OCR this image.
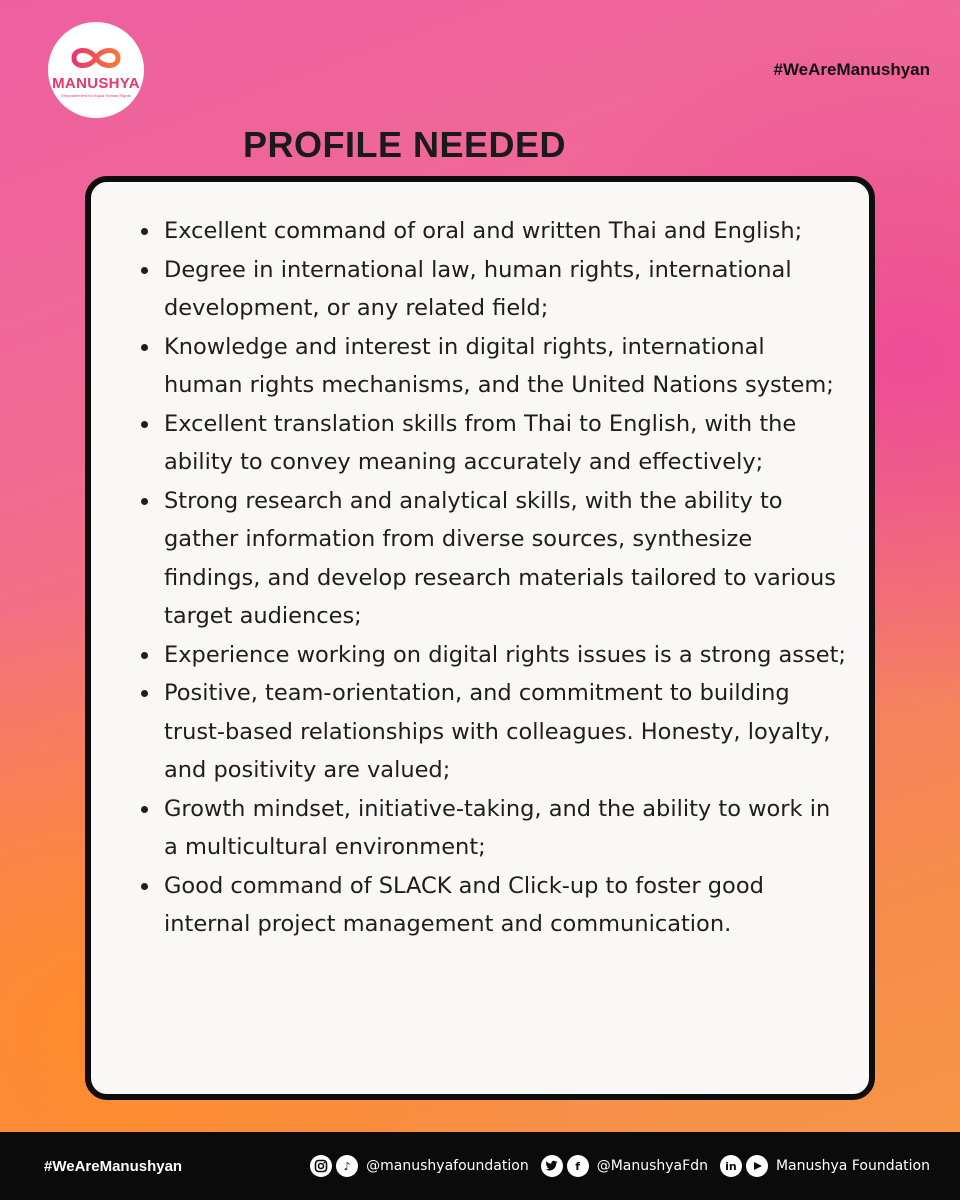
MANUSHYA
Empowerment for Equal Human Rights
#WeAreManushyan
PROFILE NEEDED
Excellent command of oral and written Thai and English;
Degree in international law, human rights, international development, or any related field;
Knowledge and interest in digital rights, international human rights mechanisms, and the United Nations system;
Excellent translation skills from Thai to English, with the ability to convey meaning accurately and effectively;
Strong research and analytical skills, with the ability to gather information from diverse sources, synthesize findings, and develop research materials tailored to various target audiences;
Experience working on digital rights issues is a strong asset;
Positive, team-orientation, and commitment to building trust-based relationships with colleagues. Honesty, loyalty, and positivity are valued;
Growth mindset, initiative-taking, and the ability to work in a multicultural environment;
Good command of SLACK and Click-up to foster good internal project management and communication.
#WeAreManushyan	♪	@manushyafoundation	f	@ManushyaFdn	in	Manushya Foundation
